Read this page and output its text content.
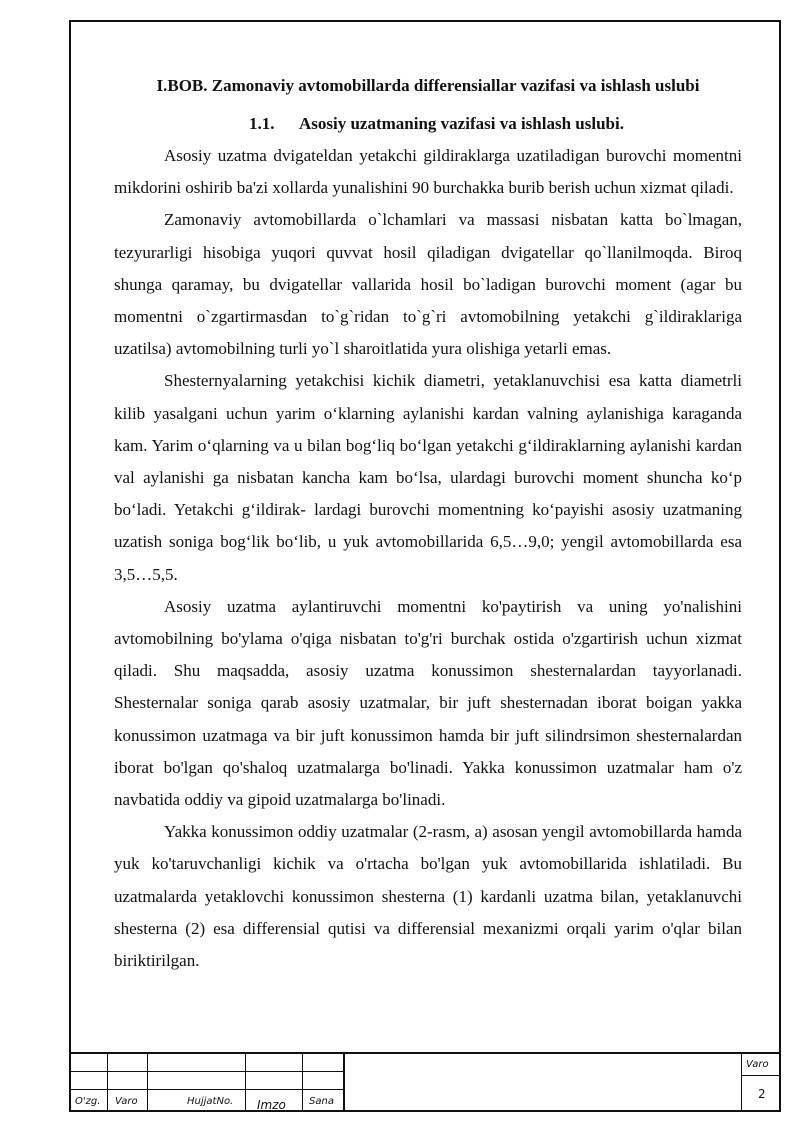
I.BOB. Zamonaviy avtomobillarda differensiallar vazifasi va ishlash uslubi
1.1. Asosiy uzatmaning vazifasi va ishlash uslubi.

Asosiy uzatma dvigateldan yetakchi gildiraklarga uzatiladigan burovchi momentni mikdorini oshirib ba'zi xollarda yunalishini 90 burchakka burib berish uchun xizmat qiladi.

Zamonaviy avtomobillarda o`lchamlari va massasi nisbatan katta bo`lmagan, tezyurarligi hisobiga yuqori quvvat hosil qiladigan dvigatellar qo`llanilmoqda. Biroq shunga qaramay, bu dvigatellar vallarida hosil bo`ladigan burovchi moment (agar bu momentni o`zgartirmasdan to`g`ridan to`g`ri avtomobilning yetakchi g`ildiraklariga uzatilsa) avtomobilning turli yo`l sharoitlatida yura olishiga yetarli emas.

Shesternyalarning yetakchisi kichik diametri, yetaklanuvchisi esa katta diametrli kilib yasalgani uchun yarim o‘klarning aylanishi kardan valning aylanishiga karaganda kam. Yarim o‘qlarning va u bilan bog‘liq bo‘lgan yetakchi g‘ildiraklarning aylanishi kardan val aylanishi ga nisbatan kancha kam bo‘lsa, ulardagi burovchi moment shuncha ko‘p bo‘ladi. Yetakchi g‘ildirak- lardagi burovchi momentning ko‘payishi asosiy uzatmaning uzatish soniga bog‘lik bo‘lib, u yuk avtomobillarida 6,5…9,0; yengil avtomobillarda esa 3,5…5,5.

Asosiy uzatma aylantiruvchi momentni ko'paytirish va uning yo'nalishini avtomobilning bo'ylama o'qiga nisbatan to'g'ri burchak ostida o'zgartirish uchun xizmat qiladi. Shu maqsadda, asosiy uzatma konussimon shesternalardan tayyorlanadi. Shesternalar soniga qarab asosiy uzatmalar, bir juft shesternadan iborat boigan yakka konussimon uzatmaga va bir juft konussimon hamda bir juft silindrsimon shesternalardan iborat bo'lgan qo'shaloq uzatmalarga bo'linadi. Yakka konussimon uzatmalar ham o'z navbatida oddiy va gipoid uzatmalarga bo'linadi.

Yakka konussimon oddiy uzatmalar (2-rasm, a) asosan yengil avtomobillarda hamda yuk ko'taruvchanligi kichik va o'rtacha bo'lgan yuk avtomobillarida ishlatiladi. Bu uzatmalarda yetaklovchi konussimon shesterna (1) kardanli uzatma bilan, yetaklanuvchi shesterna (2) esa differensial qutisi va differensial mexanizmi orqali yarim o'qlar bilan biriktirilgan.

O'zg. Varo	HujjatNo. Imzo Sana
Varo
2
